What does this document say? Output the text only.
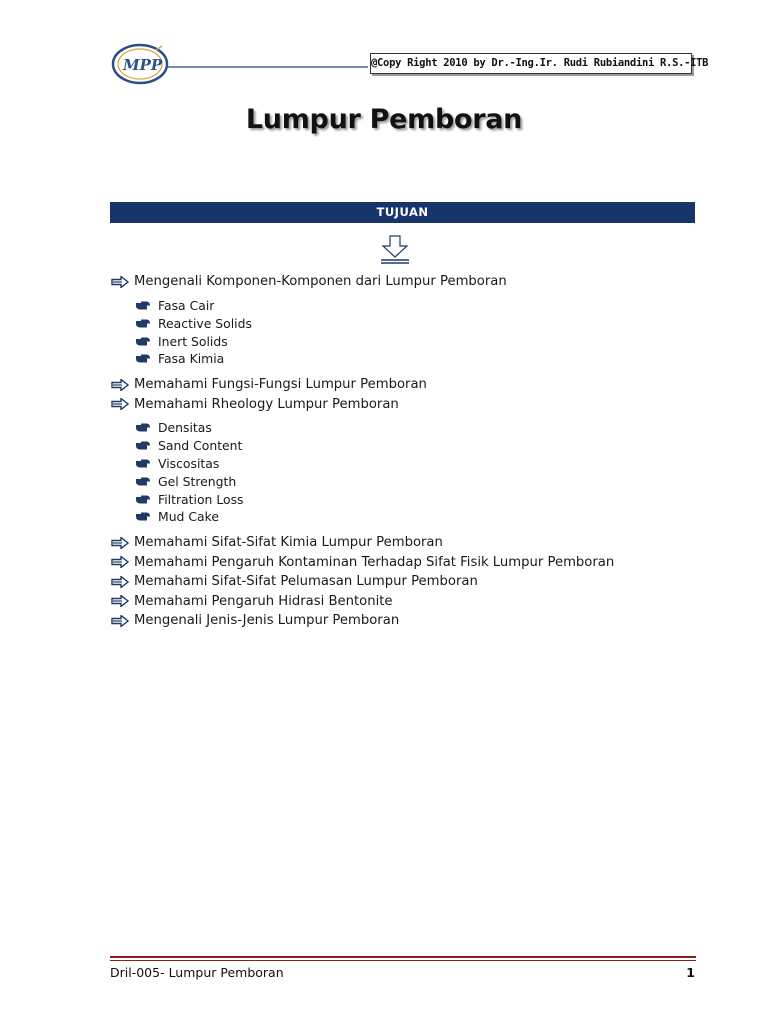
MPP	@Copy Right 2010 by Dr.-Ing.Ir. Rudi Rubiandini R.S.-ITB
Lumpur Pemboran
TUJUAN
Mengenali Komponen-Komponen dari Lumpur Pemboran
Fasa Cair
Reactive Solids
Inert Solids
Fasa Kimia
Memahami Fungsi-Fungsi Lumpur Pemboran
Memahami Rheology Lumpur Pemboran
Densitas
Sand Content
Viscositas
Gel Strength
Filtration Loss
Mud Cake
Memahami Sifat-Sifat Kimia Lumpur Pemboran
Memahami Pengaruh Kontaminan Terhadap Sifat Fisik Lumpur Pemboran
Memahami Sifat-Sifat Pelumasan Lumpur Pemboran
Memahami Pengaruh Hidrasi Bentonite
Mengenali Jenis-Jenis Lumpur Pemboran
Dril-005- Lumpur Pemboran	1
